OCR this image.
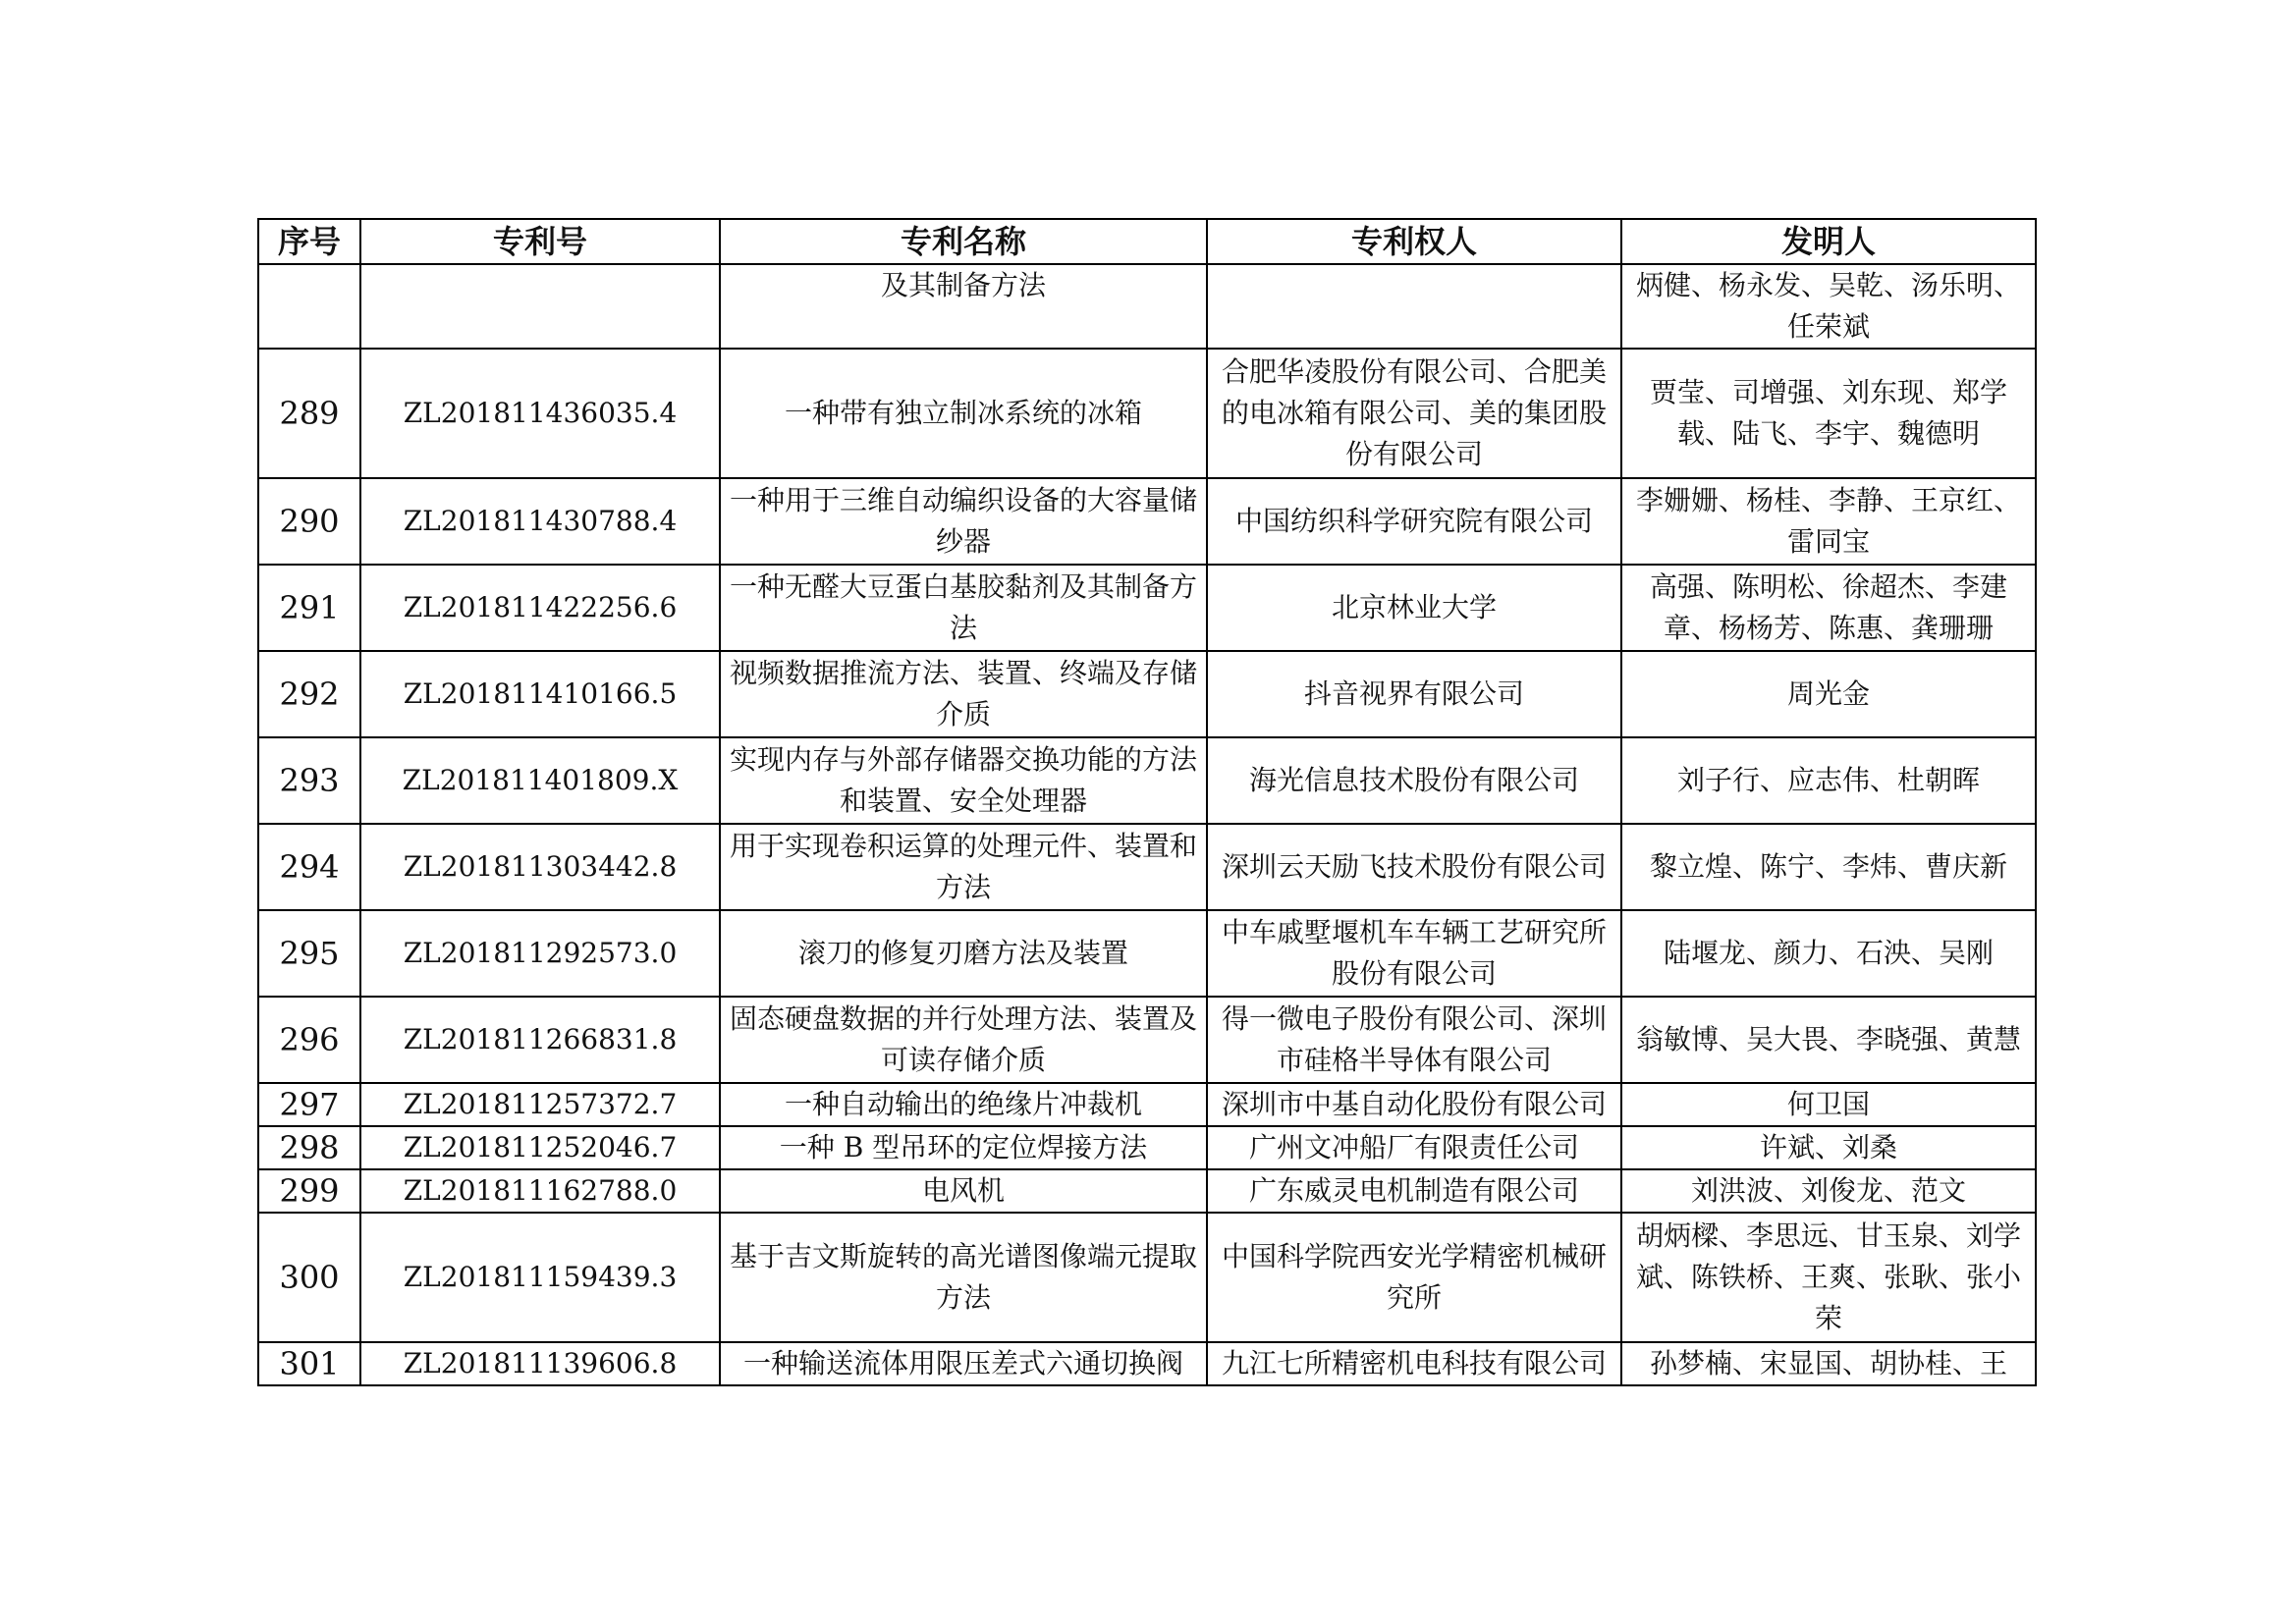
序号	专利号	专利名称	专利权人	发明人
		及其制备方法		炳健、杨永发、吴乾、汤乐明、任荣斌
289	ZL201811436035.4	一种带有独立制冰系统的冰箱	合肥华凌股份有限公司、合肥美的电冰箱有限公司、美的集团股份有限公司	贾莹、司增强、刘东现、郑学载、陆飞、李宇、魏德明
290	ZL201811430788.4	一种用于三维自动编织设备的大容量储纱器	中国纺织科学研究院有限公司	李姗姗、杨桂、李静、王京红、雷同宝
291	ZL201811422256.6	一种无醛大豆蛋白基胶黏剂及其制备方法	北京林业大学	高强、陈明松、徐超杰、李建章、杨杨芳、陈惠、龚珊珊
292	ZL201811410166.5	视频数据推流方法、装置、终端及存储介质	抖音视界有限公司	周光金
293	ZL201811401809.X	实现内存与外部存储器交换功能的方法和装置、安全处理器	海光信息技术股份有限公司	刘子行、应志伟、杜朝晖
294	ZL201811303442.8	用于实现卷积运算的处理元件、装置和方法	深圳云天励飞技术股份有限公司	黎立煌、陈宁、李炜、曹庆新
295	ZL201811292573.0	滚刀的修复刃磨方法及装置	中车戚墅堰机车车辆工艺研究所股份有限公司	陆堰龙、颜力、石泱、吴刚
296	ZL201811266831.8	固态硬盘数据的并行处理方法、装置及可读存储介质	得一微电子股份有限公司、深圳市硅格半导体有限公司	翁敏博、吴大畏、李晓强、黄慧
297	ZL201811257372.7	一种自动输出的绝缘片冲裁机	深圳市中基自动化股份有限公司	何卫国
298	ZL201811252046.7	一种 B 型吊环的定位焊接方法	广州文冲船厂有限责任公司	许斌、刘桑
299	ZL201811162788.0	电风机	广东威灵电机制造有限公司	刘洪波、刘俊龙、范文
300	ZL201811159439.3	基于吉文斯旋转的高光谱图像端元提取方法	中国科学院西安光学精密机械研究所	胡炳樑、李思远、甘玉泉、刘学斌、陈铁桥、王爽、张耿、张小荣
301	ZL201811139606.8	一种输送流体用限压差式六通切换阀	九江七所精密机电科技有限公司	孙梦楠、宋显国、胡协桂、王
